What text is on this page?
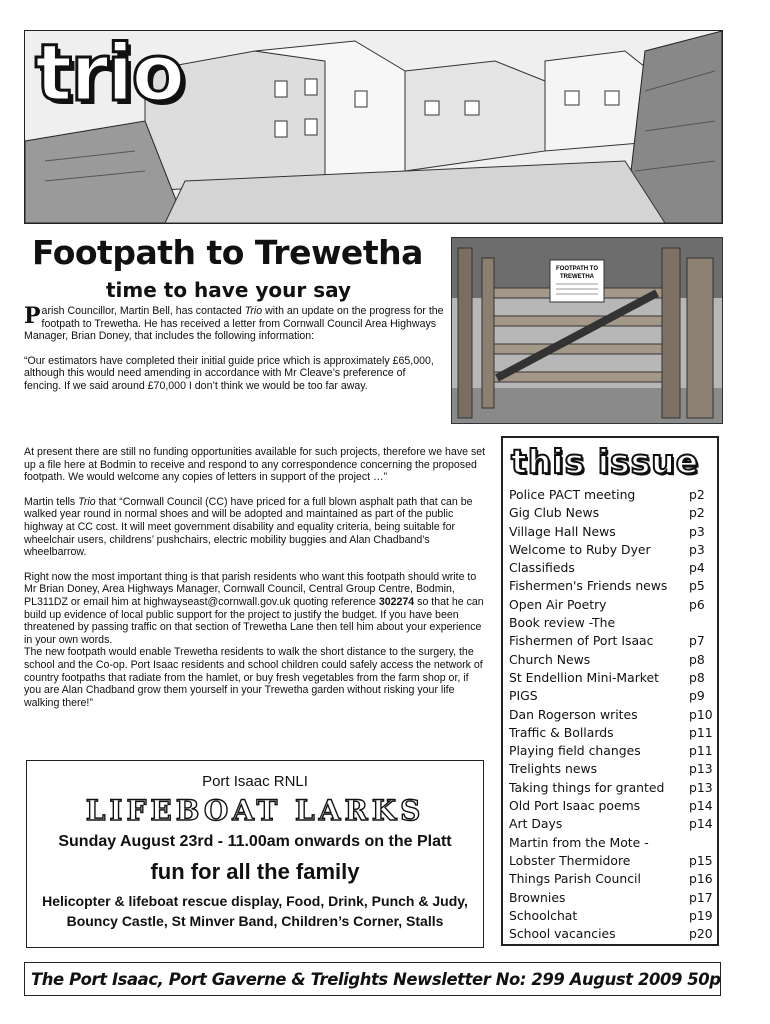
trio
Footpath to Trewetha
time to have your say
FOOTPATH TO
TREWETHA

Parish Councillor, Martin Bell, has contacted Trio with an update on the progress for the footpath to Trewetha. He has received a letter from Cornwall Council Area Highways Manager, Brian Doney, that includes the following information:

“Our estimators have completed their initial guide price which is approximately £65,000, although this would need amending in accordance with Mr Cleave’s preference of fencing. If we said around £70,000 I don’t think we would be too far away.

At present there are still no funding opportunities available for such projects, therefore we have set up a file here at Bodmin to receive and respond to any correspondence concerning the proposed footpath. We would welcome any copies of letters in support of the project …”

Martin tells Trio that “Cornwall Council (CC) have priced for a full blown asphalt path that can be walked year round in normal shoes and will be adopted and maintained as part of the public highway at CC cost. It will meet government disability and equality criteria, being suitable for wheelchair users, childrens’ pushchairs, electric mobility buggies and Alan Chadband’s wheelbarrow.

Right now the most important thing is that parish residents who want this footpath should write to Mr Brian Doney, Area Highways Manager, Cornwall Council, Central Group Centre, Bodmin, PL311DZ or email him at highwayseast@cornwall.gov.uk quoting reference 302274 so that he can build up evidence of local public support for the project to justify the budget. If you have been threatened by passing traffic on that section of Trewetha Lane then tell him about your experience in your own words.

The new footpath would enable Trewetha residents to walk the short distance to the surgery, the school and the Co-op. Port Isaac residents and school children could safely access the network of country footpaths that radiate from the hamlet, or buy fresh vegetables from the farm shop or, if you are Alan Chadband grow them yourself in your Trewetha garden without risking your life walking there!”

this issue
Police PACT meeting	p2
Gig Club News	p2
Village Hall News	p3
Welcome to Ruby Dyer	p3
Classifieds	p4
Fishermen's Friends news p5
Open Air Poetry	p6
Book review -The
Fishermen of Port Isaac	p7
Church News	p8
St Endellion Mini-Market p8
PIGS	p9
Dan Rogerson writes	p10
Traffic & Bollards	p11
Playing field changes	p11
Trelights news	p13
Taking things for granted p13
Old Port Isaac poems	p14
Art Days	p14
Martin from the Mote -
Lobster Thermidore	p15
Things Parish Council	p16
Brownies	p17
Schoolchat	p19
School vacancies	p20
Port Isaac RNLI
LIFEBOAT LARKS
Sunday August 23rd - 11.00am onwards on the Platt
fun for all the family
Helicopter & lifeboat rescue display, Food, Drink, Punch & Judy,
Bouncy Castle, St Minver Band, Children’s Corner, Stalls
The Port Isaac, Port Gaverne & Trelights Newsletter No: 299 August 2009 50p
